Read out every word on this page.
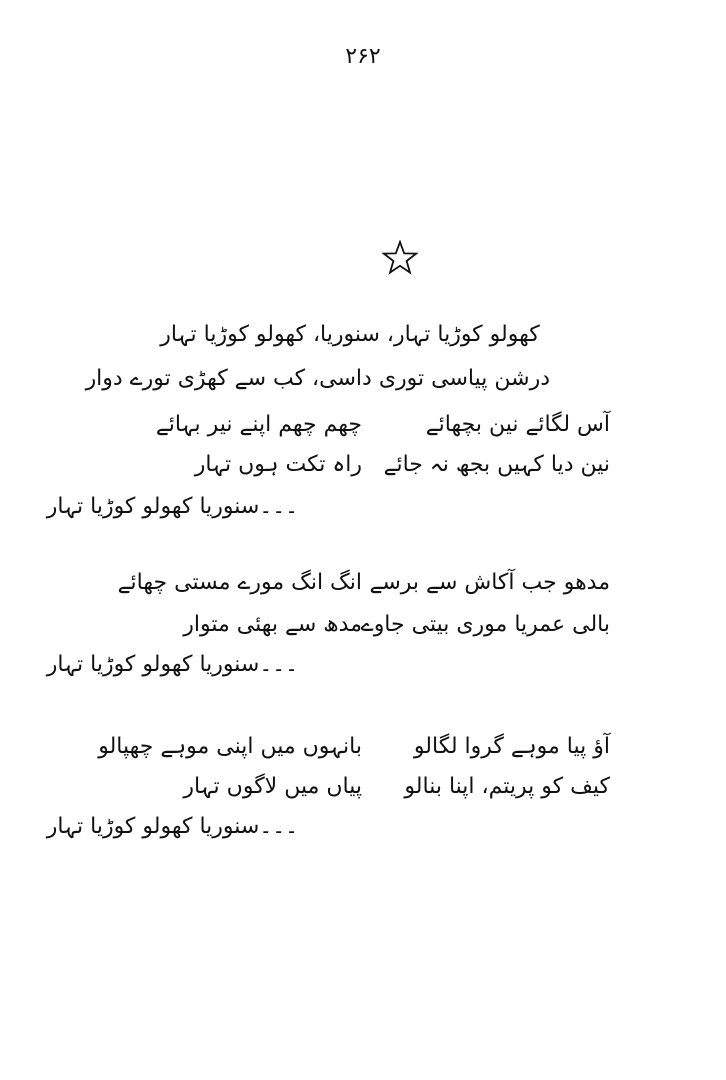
۲۶۲
کھولو کوڑیا تہار، سنوریا، کھولو کوڑیا تہار
درشن پیاسی توری داسی، کب سے کھڑی تورے دوار
آس لگائے نین بچھائے
چھم چھم اپنے نیر بہائے
نین دیا کہیں بجھ نہ جائے
راہ تکت ہوں تہار
۔۔۔سنوریا کھولو کوڑیا تہار
مدھو جب آکاش سے برسے
انگ انگ مورے مستی چھائے
بالی عمریا موری بیتی جاوے
مدھ سے بھئی متوار
۔۔۔سنوریا کھولو کوڑیا تہار
آؤ پیا موہے گروا لگالو
بانہوں میں اپنی موہے چھپالو
کیف کو پریتم، اپنا بنالو
پیاں میں لاگوں تہار
۔۔۔سنوریا کھولو کوڑیا تہار
